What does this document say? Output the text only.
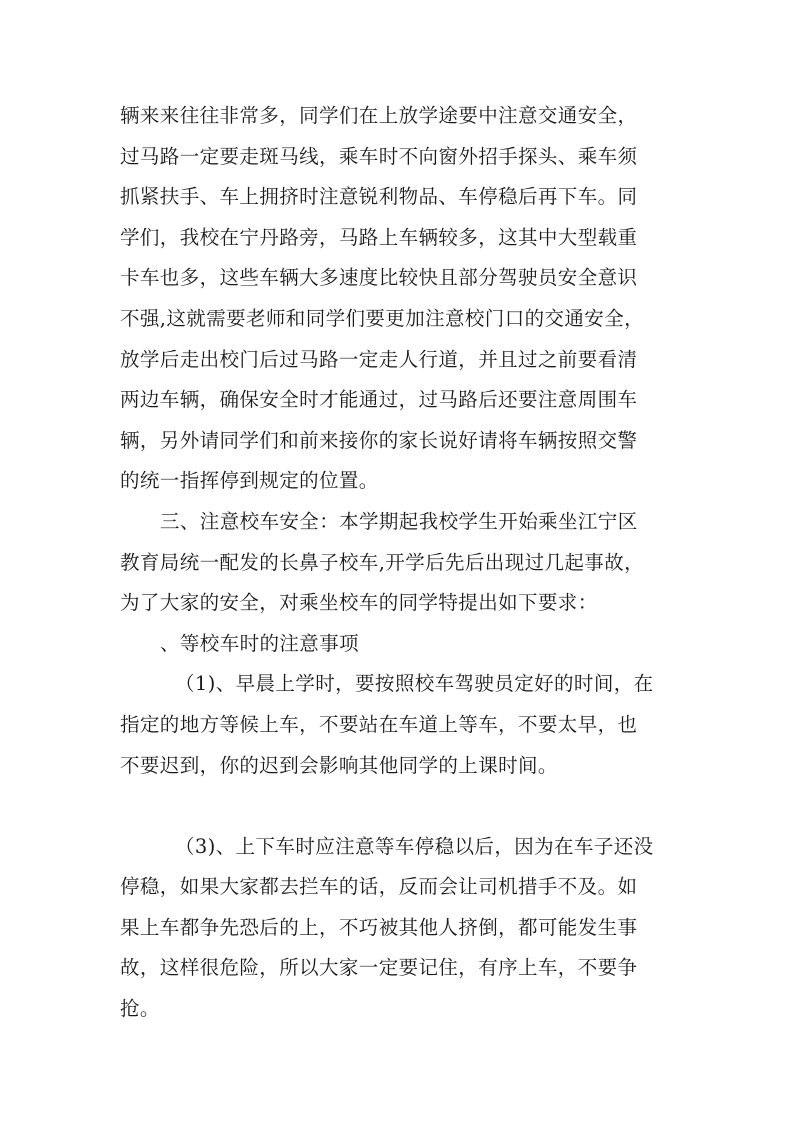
辆来来往往非常多，同学们在上放学途要中注意交通安全，
过马路一定要走斑马线，乘车时不向窗外招手探头、乘车须
抓紧扶手、车上拥挤时注意锐利物品、车停稳后再下车。同
学们，我校在宁丹路旁，马路上车辆较多，这其中大型载重
卡车也多，这些车辆大多速度比较快且部分驾驶员安全意识
不强,这就需要老师和同学们要更加注意校门口的交通安全，
放学后走出校门后过马路一定走人行道，并且过之前要看清
两边车辆，确保安全时才能通过，过马路后还要注意周围车
辆，另外请同学们和前来接你的家长说好请将车辆按照交警
的统一指挥停到规定的位置。
三、注意校车安全：本学期起我校学生开始乘坐江宁区
教育局统一配发的长鼻子校车,开学后先后出现过几起事故，
为了大家的安全，对乘坐校车的同学特提出如下要求：
、等校车时的注意事项
（1)、早晨上学时，要按照校车驾驶员定好的时间，在
指定的地方等候上车，不要站在车道上等车，不要太早，也
不要迟到，你的迟到会影响其他同学的上课时间。
（3)、上下车时应注意等车停稳以后，因为在车子还没
停稳，如果大家都去拦车的话，反而会让司机措手不及。如
果上车都争先恐后的上，不巧被其他人挤倒，都可能发生事
故，这样很危险，所以大家一定要记住，有序上车，不要争
抢。
